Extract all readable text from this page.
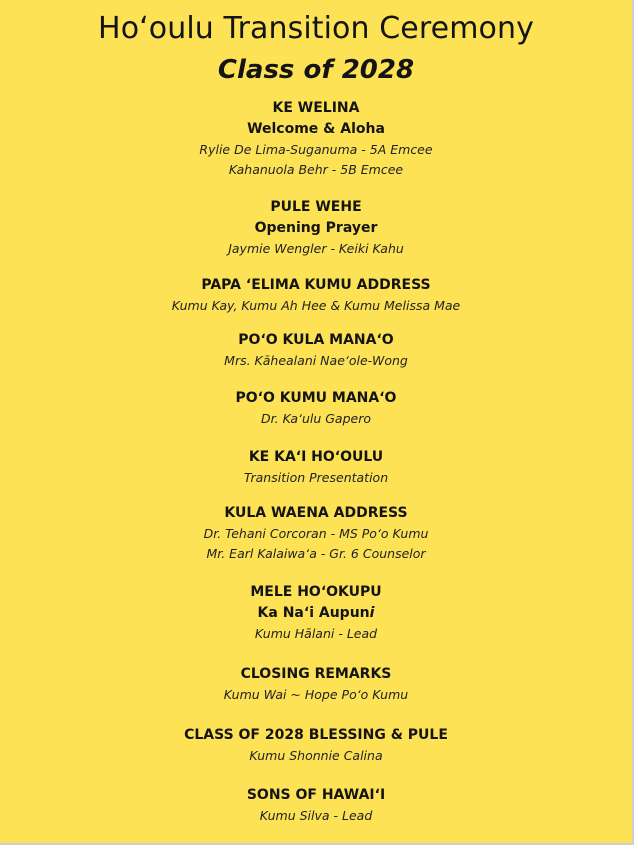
Hoʻoulu Transition Ceremony
Class of 2028
KE WELINA
Welcome & Aloha
Rylie De Lima-Suganuma - 5A Emcee
Kahanuola Behr - 5B Emcee
PULE WEHE
Opening Prayer
Jaymie Wengler - Keiki Kahu
PAPA ʻELIMA KUMU ADDRESS
Kumu Kay, Kumu Ah Hee & Kumu Melissa Mae
POʻO KULA MANAʻO
Mrs. Kāhealani Naeʻole-Wong
POʻO KUMU MANAʻO
Dr. Kaʻulu Gapero
KE KAʻI HOʻOULU
Transition Presentation
KULA WAENA ADDRESS
Dr. Tehani Corcoran - MS Poʻo Kumu
Mr. Earl Kalaiwaʻa - Gr. 6 Counselor
MELE HOʻOKUPU
Ka Naʻi Aupuni
Kumu Hālani - Lead
CLOSING REMARKS
Kumu Wai ~ Hope Poʻo Kumu
CLASS OF 2028 BLESSING & PULE
Kumu Shonnie Calina
SONS OF HAWAIʻI
Kumu Silva - Lead
